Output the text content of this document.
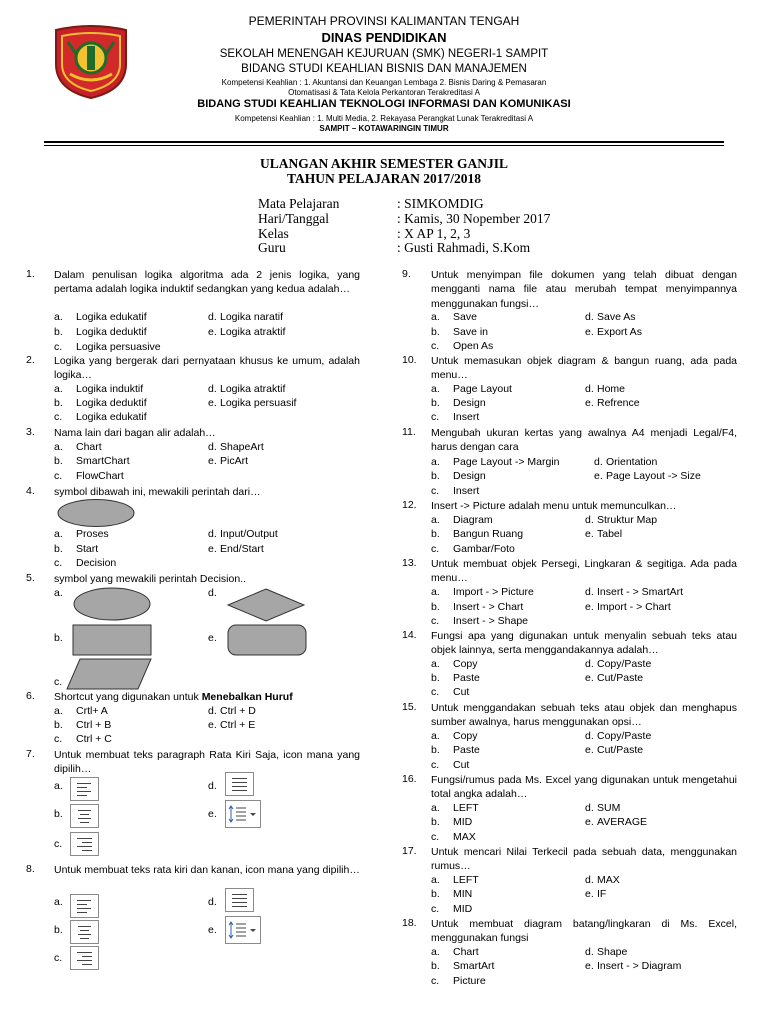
PEMERINTAH PROVINSI KALIMANTAN TENGAH
DINAS PENDIDIKAN
SEKOLAH MENENGAH KEJURUAN (SMK) NEGERI-1 SAMPIT
BIDANG STUDI KEAHLIAN BISNIS DAN MANAJEMEN
Kompetensi Keahlian : 1. Akuntansi dan Keuangan Lembaga 2. Bisnis Daring & Pemasaran
Otomatisasi & Tata Kelola Perkantoran Terakreditasi A
BIDANG STUDI KEAHLIAN TEKNOLOGI INFORMASI DAN KOMUNIKASI
Kompetensi Keahlian : 1. Multi Media, 2. Rekayasa Perangkat Lunak Terakreditasi A
SAMPIT – KOTAWARINGIN TIMUR
ULANGAN AKHIR SEMESTER GANJIL
TAHUN PELAJARAN 2017/2018
Mata Pelajaran	: SIMKOMDIG
Hari/Tanggal	: Kamis, 30 Nopember 2017
Kelas	: X AP 1, 2, 3
Guru	: Gusti Rahmadi, S.Kom
1. Dalam penulisan logika algoritma ada 2 jenis logika, yang pertama adalah logika induktif sedangkan yang kedua adalah…
a. Logika edukatif
b. Logika deduktif
c. Logika persuasive
d. Logika naratif
e. Logika atraktif
2. Logika yang bergerak dari pernyataan khusus ke umum, adalah logika…
a. Logika induktif
b. Logika deduktif
c. Logika edukatif
d. Logika atraktif
e. Logika persuasif
3. Nama lain dari bagan alir adalah…
a. Chart
b. SmartChart
c. FlowChart
d. ShapeArt
e. PicArt
4. symbol dibawah ini, mewakili perintah dari…
a. Proses
b. Start
c. Decision
d. Input/Output
e. End/Start
5. symbol yang mewakili perintah Decision..
a.	d.
b.	e.
c.
6. Shortcut yang digunakan untuk Menebalkan Huruf
a. Crtl+ A
b. Ctrl + B
c. Ctrl + C
d. Ctrl + D
e. Ctrl + E
7. Untuk membuat teks paragraph Rata Kiri Saja, icon mana yang dipilih…
a.	d.
b.	e.
c.
8. Untuk membuat teks rata kiri dan kanan, icon mana yang dipilih…
a.	d.
b.	e.
c.
9. Untuk menyimpan file dokumen yang telah dibuat dengan mengganti nama file atau merubah tempat menyimpannya menggunakan fungsi…
a. Save
b. Save in
c. Open As
d. Save As
e. Export As
10. Untuk memasukan objek diagram & bangun ruang, ada pada menu…
a. Page Layout
b. Design
c. Insert
d. Home
e. Refrence
11. Mengubah ukuran kertas yang awalnya A4 menjadi Legal/F4, harus dengan cara
a. Page Layout -> Margin
b. Design
c. Insert
d. Orientation
e. Page Layout -> Size
12. Insert -> Picture adalah menu untuk memunculkan…
a. Diagram
b. Bangun Ruang
c. Gambar/Foto
d. Struktur Map
e. Tabel
13. Untuk membuat objek Persegi, Lingkaran & segitiga. Ada pada menu…
a. Import - > Picture
b. Insert - > Chart
c. Insert - > Shape
d. Insert - > SmartArt
e. Import - > Chart
14. Fungsi apa yang digunakan untuk menyalin sebuah teks atau objek lainnya, serta menggandakannya adalah…
a. Copy
b. Paste
c. Cut
d. Copy/Paste
e. Cut/Paste
15. Untuk menggandakan sebuah teks atau objek dan menghapus sumber awalnya, harus menggunakan opsi…
a. Copy
b. Paste
c. Cut
d. Copy/Paste
e. Cut/Paste
16. Fungsi/rumus pada Ms. Excel yang digunakan untuk mengetahui total angka adalah…
a. LEFT
b. MID
c. MAX
d. SUM
e. AVERAGE
17. Untuk mencari Nilai Terkecil pada sebuah data, menggunakan rumus…
a. LEFT
b. MIN
c. MID
d. MAX
e. IF
18. Untuk membuat diagram batang/lingkaran di Ms. Excel, menggunakan fungsi
a. Chart
b. SmartArt
c. Picture
d. Shape
e. Insert - > Diagram
